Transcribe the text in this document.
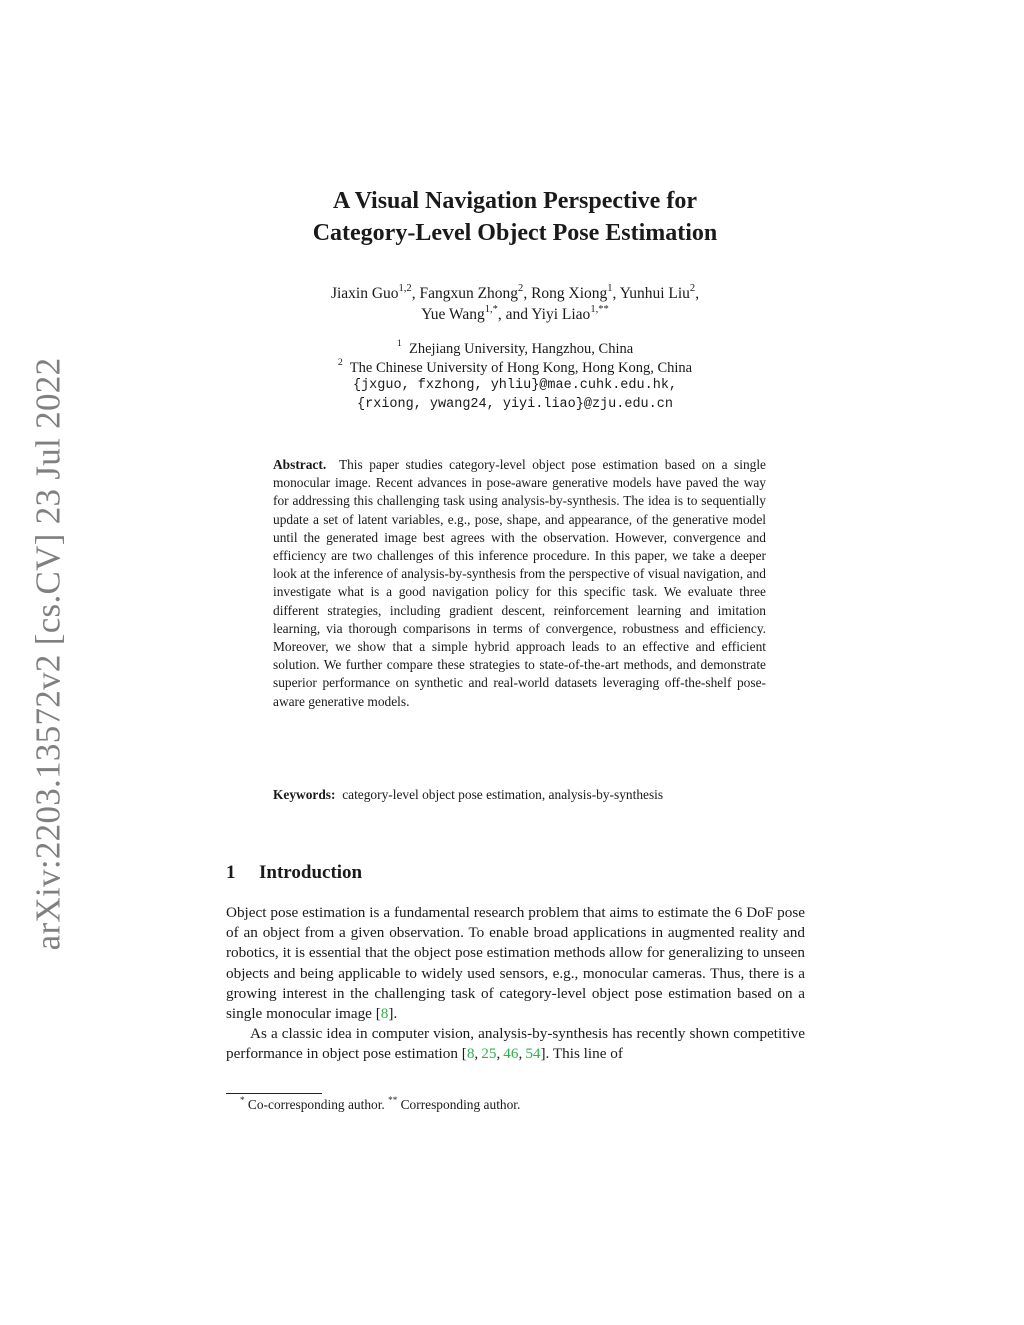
arXiv:2203.13572v2 [cs.CV] 23 Jul 2022
A Visual Navigation Perspective for
Category-Level Object Pose Estimation
Jiaxin Guo$^{1,2}$, Fangxun Zhong$^2$, Rong Xiong$^1$, Yunhui Liu$^2$,
Yue Wang$^{1,*}$, and Yiyi Liao$^{1,**}$
$^1$ Zhejiang University, Hangzhou, China
$^2$ The Chinese University of Hong Kong, Hong Kong, China
{jxguo, fxzhong, yhliu}@mae.cuhk.edu.hk,
{rxiong, ywang24, yiyi.liao}@zju.edu.cn

Abstract. This paper studies category-level object pose estimation based on a single monocular image. Recent advances in pose-aware generative models have paved the way for addressing this challenging task using analysis-by-synthesis. The idea is to sequentially update a set of latent variables, e.g., pose, shape, and appearance, of the generative model until the generated image best agrees with the observation. However, convergence and efficiency are two challenges of this inference procedure. In this paper, we take a deeper look at the inference of analysis-by-synthesis from the perspective of visual navigation, and investigate what is a good navigation policy for this specific task. We evaluate three different strategies, including gradient descent, reinforcement learning and imitation learning, via thorough comparisons in terms of convergence, robustness and efficiency. Moreover, we show that a simple hybrid approach leads to an effective and efficient solution. We further compare these strategies to state-of-the-art methods, and demonstrate superior performance on synthetic and real-world datasets leveraging off-the-shelf pose-aware generative models.

Keywords: category-level object pose estimation, analysis-by-synthesis
1 Introduction

Object pose estimation is a fundamental research problem that aims to estimate the 6 DoF pose of an object from a given observation. To enable broad applications in augmented reality and robotics, it is essential that the object pose estimation methods allow for generalizing to unseen objects and being applicable to widely used sensors, e.g., monocular cameras. Thus, there is a growing interest in the challenging task of category-level object pose estimation based on a single monocular image [8].

As a classic idea in computer vision, analysis-by-synthesis has recently shown competitive performance in object pose estimation [8, 25, 46, 54]. This line of

* Co-corresponding author. ** Corresponding author.
